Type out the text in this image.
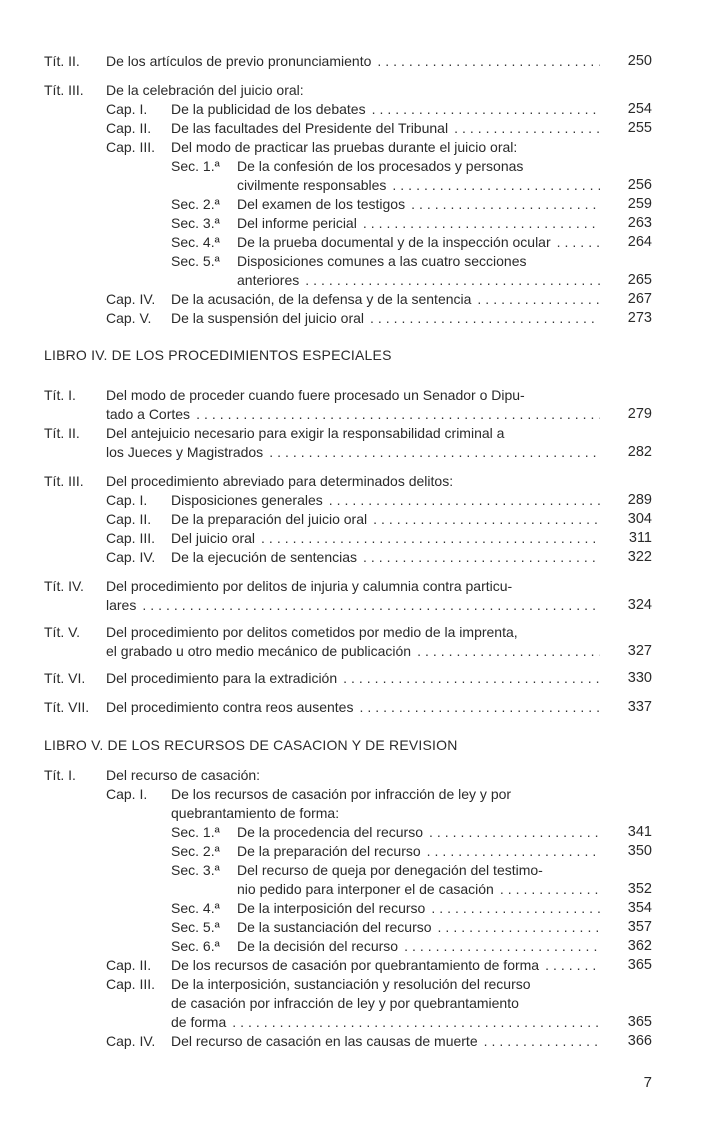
Tít. II. De los artículos de previo pronunciamiento .....	250
Tít. III. De la celebración del juicio oral:
Cap. I. De la publicidad de los debates .....	254
Cap. II. De las facultades del Presidente del Tribunal .....	255
Cap. III. Del modo de practicar las pruebas durante el juicio oral:
Sec. 1.ª De la confesión de los procesados y personas
civilmente responsables .....	256
Sec. 2.ª Del examen de los testigos .....	259
Sec. 3.ª Del informe pericial .....	263
Sec. 4.ª De la prueba documental y de la inspección ocular .....	264
Sec. 5.ª Disposiciones comunes a las cuatro secciones
anteriores .....	265
Cap. IV. De la acusación, de la defensa y de la sentencia .....	267
Cap. V. De la suspensión del juicio oral .....	273
LIBRO IV. DE LOS PROCEDIMIENTOS ESPECIALES
Tít. I. Del modo de proceder cuando fuere procesado un Senador o Dipu-
tado a Cortes .....	279
Tít. II. Del antejuicio necesario para exigir la responsabilidad criminal a
los Jueces y Magistrados .....	282
Tít. III. Del procedimiento abreviado para determinados delitos:
Cap. I. Disposiciones generales .....	289
Cap. II. De la preparación del juicio oral .....	304
Cap. III. Del juicio oral .....	311
Cap. IV. De la ejecución de sentencias .....	322
Tít. IV. Del procedimiento por delitos de injuria y calumnia contra particu-
lares .....	324
Tít. V. Del procedimiento por delitos cometidos por medio de la imprenta,
el grabado u otro medio mecánico de publicación .....	327
Tít. VI. Del procedimiento para la extradición .....	330
Tít. VII. Del procedimiento contra reos ausentes .....	337
LIBRO V. DE LOS RECURSOS DE CASACION Y DE REVISION
Tít. I. Del recurso de casación:
Cap. I. De los recursos de casación por infracción de ley y por
quebrantamiento de forma:
Sec. 1.ª De la procedencia del recurso .....	341
Sec. 2.ª De la preparación del recurso .....	350
Sec. 3.ª Del recurso de queja por denegación del testimo-
nio pedido para interponer el de casación .....	352
Sec. 4.ª De la interposición del recurso .....	354
Sec. 5.ª De la sustanciación del recurso .....	357
Sec. 6.ª De la decisión del recurso .....	362
Cap. II. De los recursos de casación por quebrantamiento de forma .....	365
Cap. III. De la interposición, sustanciación y resolución del recurso
de casación por infracción de ley y por quebrantamiento
de forma .....	365
Cap. IV. Del recurso de casación en las causas de muerte .....	366
7
